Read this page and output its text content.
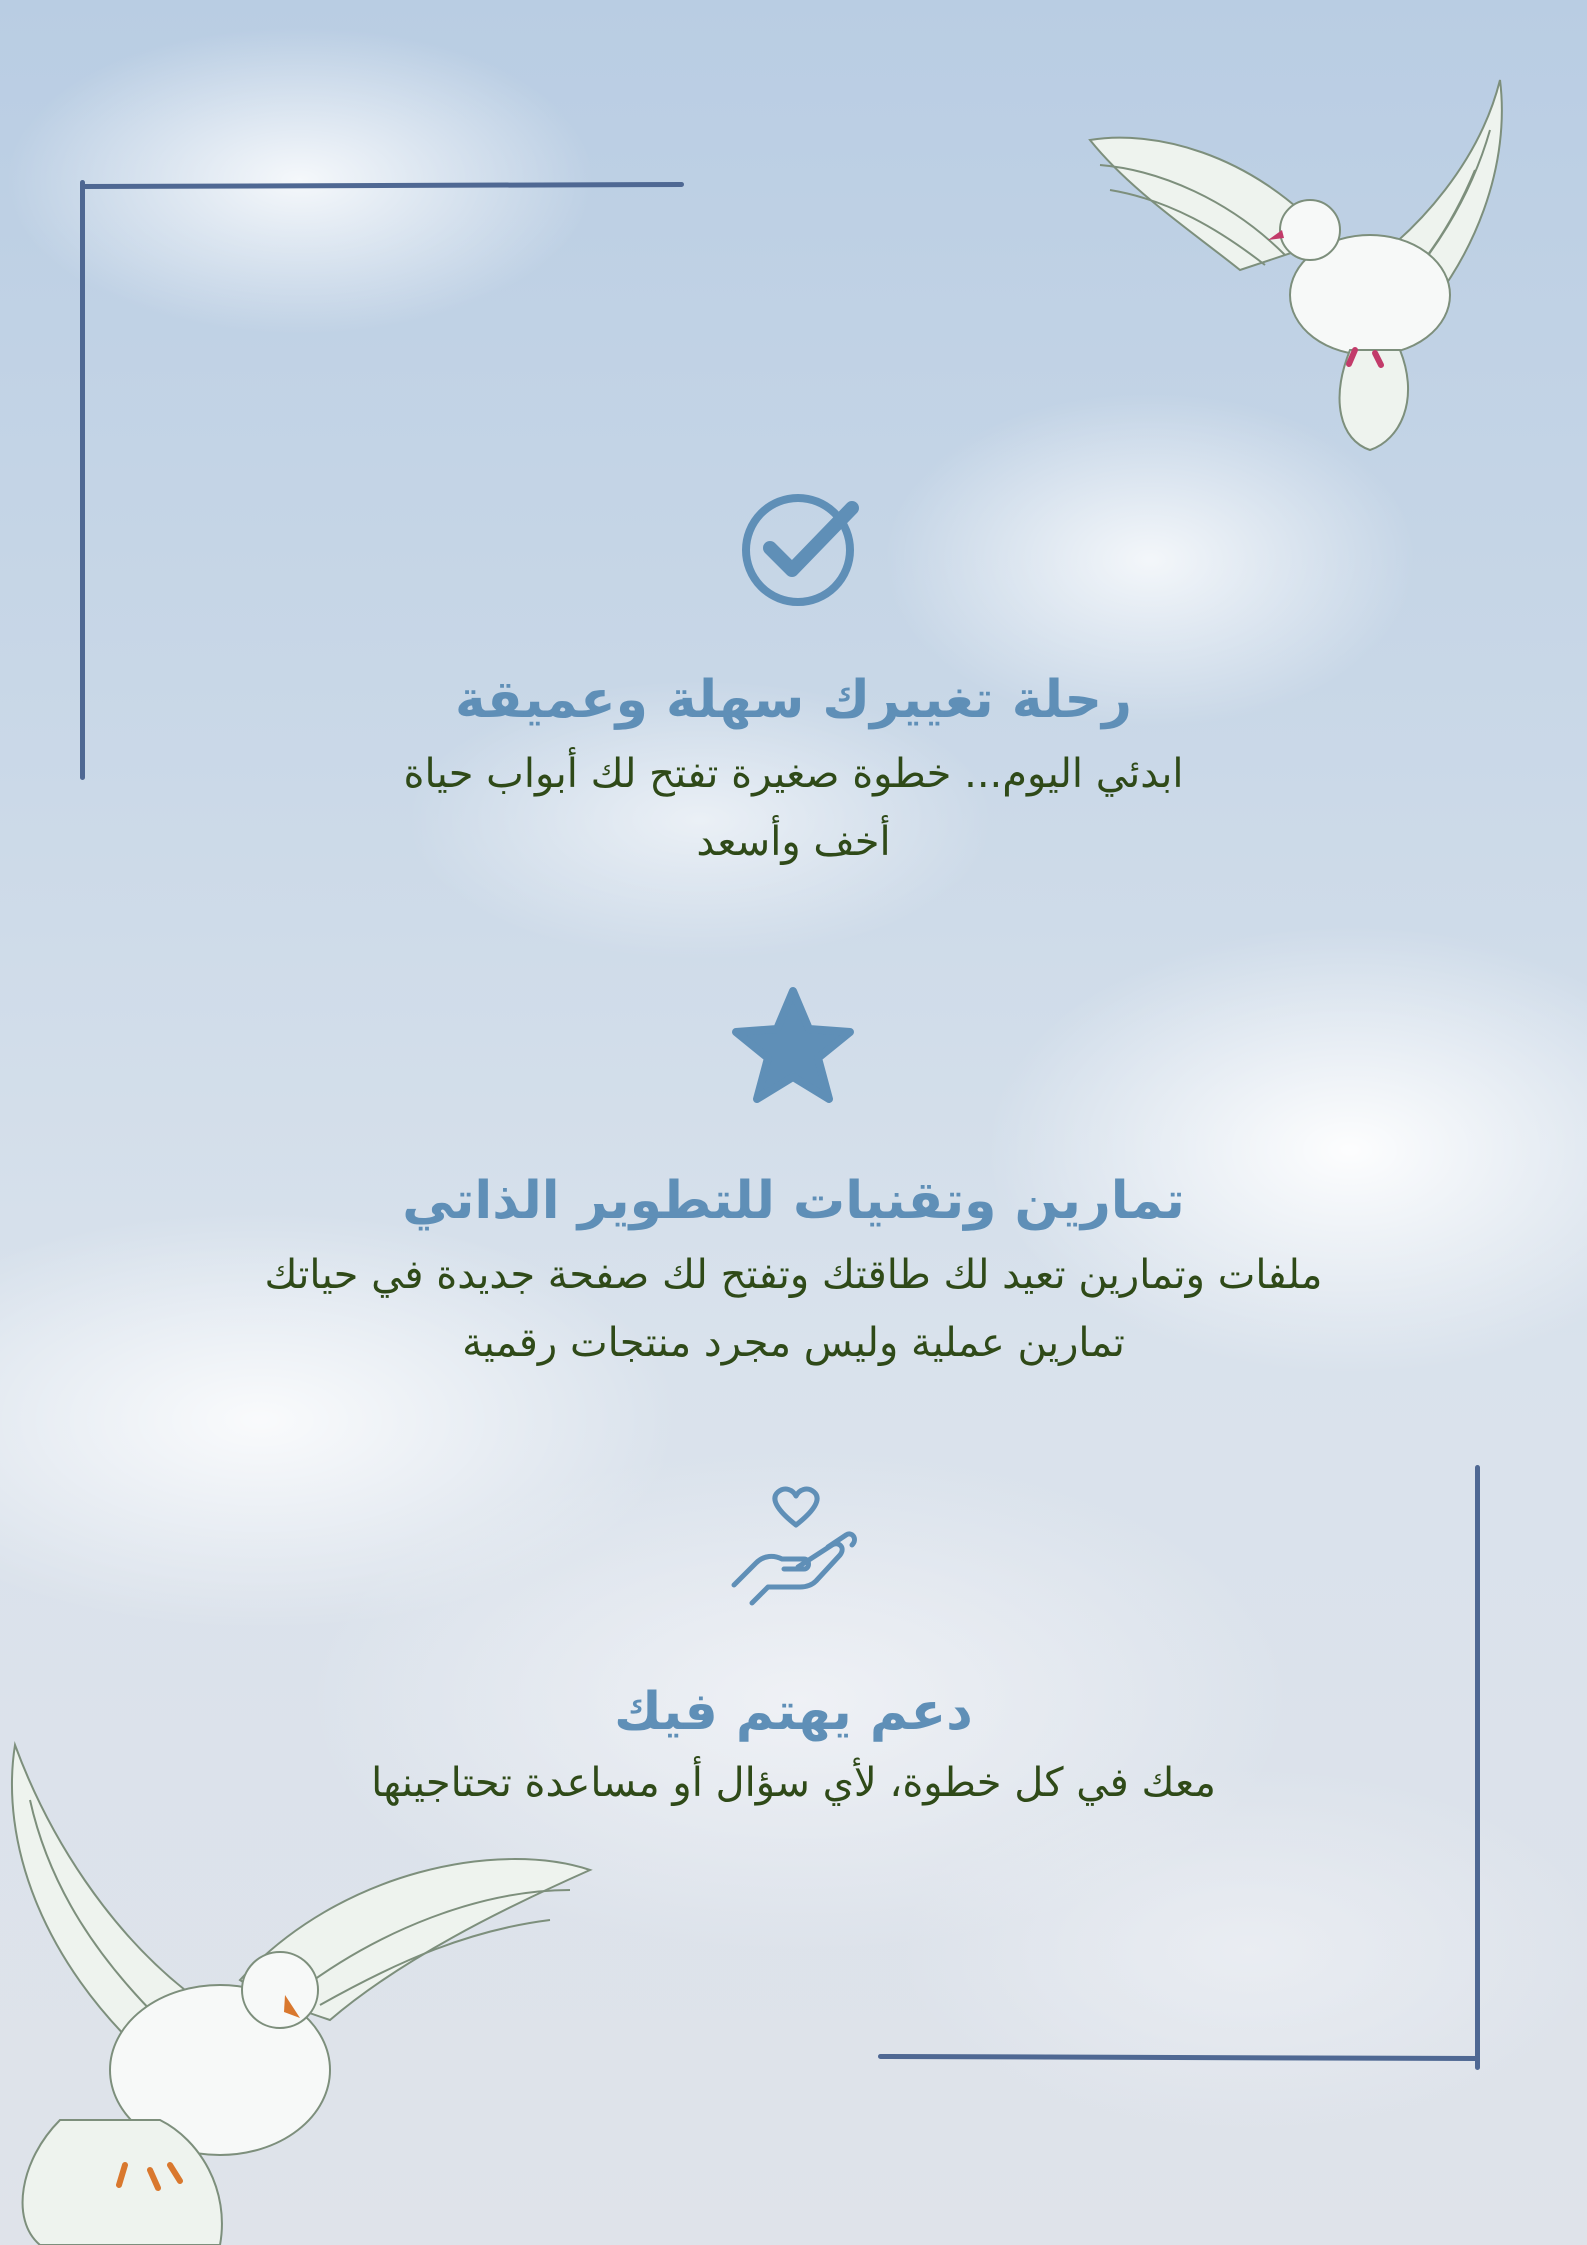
رحلة تغييرك سهلة وعميقة

ابدئي اليوم... خطوة صغيرة تفتح لك أبواب حياة

أخف وأسعد

تمارين وتقنيات للتطوير الذاتي

ملفات وتمارين تعيد لك طاقتك وتفتح لك صفحة جديدة في حياتك

تمارين عملية وليس مجرد منتجات رقمية

دعم يهتم فيك

معك في كل خطوة، لأي سؤال أو مساعدة تحتاجينها
